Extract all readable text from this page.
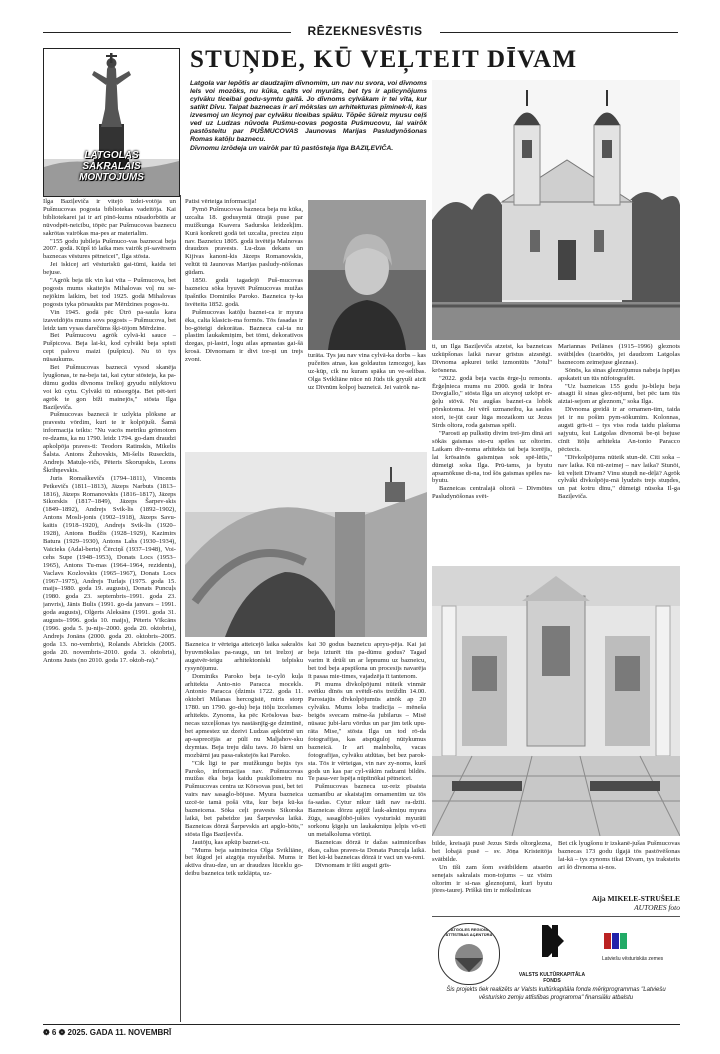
RĒZEKNESVĒSTIS
LATGOLAS
SAKRALAIS
MONTOJUMS
STUŅDE, KŪ VEĻTEIT DĪVAM
Latgola var lepōtīs ar daudzajim dīvnomim, un nav nu svora, voi dīvnoms lels voi mozōks, nu kūka, caļts voi myurāts, bet tys ir aplicynōjums cylvāku ticeibai godu-symtu gaitā. Jo dīvnoms cylvākam ir tei vīta, kur satikt Dīvu. Taipat baznecas ir arī mōkslas un arhitekturas pīminek-li, kas izvesmoj un licynoj par cylvāku ticeibas spāku. Tōpēc šūreiz myusu ceļš ved uz Ludzas nūvoda Pušmu-covas pogosta Pušmucovu, lai vairōk pastōsteitu par PUŠMUCOVAS Jaunovas Marijas Pasludynōšonas Romas katōļu baznecu.
Dīvnomu izrōdeja un vairōk par tū pastōsteja Ilga BAZIĻEVIČA.

Ilga Baziļevičа ir viteјō īzdei-votōja un Pušmucovas pogosta bibliotekas vadeitōja. Kai bibliotekarei jai ir arī pīnō-kums nūsadorbōtīs ar nūvodpēt-neicibu, tōpēc par Pušmucovas baznecu sakrōtas vairōkas ma-pes ar materialim.

"155 godu jubileja Pušmuco-vas baznecai beja 2007. godā. Kūpš tō laika mes vairōk pī-savērsem baznecas vēstures pētneicei", Ilga stōsta.

Jei īskicej arī vēsturiskū gai-tūmi, kaida tei beјuse.

"Agrōk beja tik vin kai vīta – Pušmucova, bet pogosts mums skaitejōs Mihalovas voļ nu se-nejōkim laikim, bet tod 1925. godā Mihalovas pogosts tyka pōrsaukts par Mērdzines pogos-tu.

Vin 1945. godā pēc Ūtrō pa-saulа kara izaveidōjōs mums sovs pogosts – Pušmucova, bet leidz tam vysas darečūms šķi-tōjom Mērdzine.

Bet Pušmucovu agrōk cylvā-ki sauce – Pušpicova. Beja lai-ki, kod cylvāki beja spisti cept palovu maizi (pušpicu). Nu tō tys nūsaukums.

Bet Pušmucovas baznecā vysod skanēja lyugšonas, te na-beja tai, kai cytur stōsteja, ka pa-dūmu godūs dīvnoms īrelkoj gryudu nūlyktovu voi kū cytu. Cylvāki tū nūsorgōja. Bet pēt-teri agrōk te gon bīži mainejōs," stōsta Ilga Baziļevičа.

Pušmucovas baznecā ir uzlykta plōksne ar pravestu vōrdim, kuri te ir kolpōjuši. Šamā informacija teikts: "Nu vacōs metriku grōmotom re-dzams, ka nu 1790. leidz 1794. go-dam draudzi apkolpōja praves-ti: Teodors Ratinskis, Mikelis Šalsta. Antons Žuhovskis, Mi-šelis Rusecktis, Andrejs Matuļe-vičs, Pēteris Skorupskis, Leons Škrihņevskis.

Juris Romaškevičs (1794–1811), Vincents Petkevičs (1811–1813), Jāzeps Narbuts (1813–1816), Jāzeps Romanovskis (1816–1817), Jāzeps Sikorskis (1817–1849), Jāzeps Šarpev-skis (1849–1892), Andrejs Svik-lis (1892–1902), Antons Mosli-jonis (1902–1918), Jāzeps Savu-kaitis (1918–1920), Andrejs Svik-lis (1920–1928), Antons Budžis (1928–1929), Kazimirs Batura (1929–1930), Antons Lahs (1930–1934), Vaicieks (Adal-berts) Čērciņš (1937–1948), Voi-cehs Supe (1948–1953), Donats Locs (1953–1965), Antons Tu-mas (1964–1964, rezidents), Vaclavs Kozlovskis (1965–1967), Donats Locs (1967–1975), Andrejs Turlajs (1975. goda 15. maijs–1980. goda 19. augusts), Donats Puncuļs (1980. goda 23. septembris–1991. goda 23. janvris), Jānis Bulis (1991. go-da janvars – 1991. goda augusts), Olģerts Aleksāns (1991. goda 31. augusts–1996. goda 10. maijs), Pēteris Vīkcāns (1996. goda 5. ju-nijs–2000. goda 20. oktobris), Andrejs Jonāns (2000. goda 20. oktobris–2005. goda 13. no-vembris), Rolands Abrickis (2005. goda 20. novembris–2010. goda 3. oktobris), Antons Justs (no 2010. goda 17. oktob-ra)."

Patisi vērteiga informacija!

Pymō Pušmucovas bazneca beja nu kūka, uzcalta 18. godusymtā ūtrajā puse par muižkunga Ksavera Sadurska leidzekļim. Kurā konkreti godā tei uzcalta, precizu ziņu nav. Bazneicu 1805. godā īsvētēja Malnovas draudzes pravests. Lu-dzas dekans un Kijivas kanoni-kis Jāzeps Romanovskis, veltūt tū Jaunovas Marijas pasludy-nōšonas gūdam.

1850. godā tagadejō Puš-mucovas bazneicu sōka byuvēt Pušmucovas muižas īpašnīks Dominiks Paroko. Bazneica ty-ka īsvētеita 1852. godā.

Pušmucovas katōļu baznei-ca ir myura ēka, caltа klasicis-ma formōs. Tōs fasadas ir bo-gōteigi dekorātas. Bazneca cal-ta nu plastim laukakmiņim, bet tōmi, dekoratīvos dzegas, pi-lastri, logu ailas apmastas gai-šā krosā. Dīvnomam ir divi tor-ņi un trejs zvoni.

turāta. Tys jau nav vina cylvā-ka dorbs – kas pučeites atnas, kas goldautus izmozgoj, kas uz-kūp, cik nu kuram spāka un ve-selibas. Olga Svikliāne nūce nū Jūds tik gryuši aizīt uz Dīvnūm kolpoj bazneicā. Jei vairōk na-

Bazneica ir vērteiga atteicejō laika sakralōs byuvmōkslas pa-raugs, un tei īrelzoj ar augstvēr-teigu arhitektoniski telpisku rysynōjumu.

Dominiks Paroko beja ie-cylō kuļa arhitekta Anto-nio Paracca mocekls. Antonio Paracca (dzimis 1722. goda 11. oktobrī Milanas hercogistē, miris storp 1780. un 1790. go-du) beja itōļu īzcelsmes arhitekts. Zynoms, ka pēc Krōslovas baz-necas uzceļšonas tys nastāsnjīg-ge dzimtinē, bet apmestez uz dzeivi Ludzas apkōrtnē un ap-saprecējās ar pūlī nu Maljahov-sku dzymtas. Beja treju dālu tavs. Jō bārni un mozbārni jau pasa-rakstejōs kai Paroko.

"Cik ligi te par muižkungu bejūs tys Paroko, informacijas nav. Pušmucovas muižas ēka beja kaidu puskilometru nu Pušmucovas centra uz Kōrsovas pusi, bet tei vairs nav sasaglo-bōjuse. Myura bazneica uzcē-te tamā pošā vīta, kur beja kū-ka bazneicena. Sōka ceļt pravests Sikorska laikā, bet pabeidze jau Šarpevskа laikā. Bazneicas dōrzā Šarpevskis ari apglo-bōts," stōsta Ilga Baziļevičа.

Jautōju, kas apkūp baznei-cu.

"Mums beja saiminеica Olga Svikliāne, bet šūgod jei aizgōja myužeibā. Mums ir aktīva drau-dze, un ar draudzes lūceklu go-deibu bazneica teik uzklāpta, uz-

kai 30 godus bazneicu apryu-pēja. Kai jai beja izturēt tūs pa-dūmu godus? Tagad varim īt drūši un ar lepnumu uz bazneicu, bet tod beja apspīšona un procesijs navarēja īt pasaa mie-times, vajadzēja īt tantenom.

Pi mums dīvkolpōjumi nūteik vinmār svētku dīnōs un svētdī-nōs treiždīn 14.00. Parostajūs dīvkolpōjumūs atnōk ap 20 cylvāku. Mums loba tradicija – mēneša beigōs svecam mēne-ša jubilarus – Misē nūsauc jubi-laru vōrdus un par jim teik upu-rāta Mise," stōsta Ilga un tod rō-da fotografijas, kas atspūguloj nūtykumus bazneicā. Ir ari malnbolta, vacas fotografijas, cylvāku atdūtas, bet bez parok-sta. Tōs ir vērteigas, vin nav zy-noms, kurš gods un kas par cyl-vākim radzami bildēs. Te pasa-ver īspēja nūpītnōkai pētneicei.

Pušmucovas bazneca uz-reiz pīsaista uzmanību ar skaistajim ornamentim uz tōs fa-sadas. Cytur nikur tādi nav ra-dzīti. Bazneicas dōrzu apjūž lauk-akmiņu myura žūgs, sasaglōbō-jušies vysturiski myurāti sorkonu ķīgeļu un laukakmiņu ļelpis vō-rti un metalkoluma vōrtiņi.

Bazneicas dōrzā ir dažas saimnicеibas ēkas, caltas praves-ta Donata Puncuļa laikā. Bet kū-ki bazneicas dōrzā ir vaci un va-reni.

Dīvnomam ir īšti augsti grīs-

ti, un Ilga Baziļevičа atzeist, ka bazneicas uzkūpšonas laikā navar grīstus aizsnēgt. Dīvnoma apkurei teikt izmontūts "Jotul" krōsnena.

"2022. godā beja vacūs ērge-ļu remonts. Ērģeļnieca mums nu 2000. godā ir Inōra Dovgiallo," stōsta Ilga un aicynoj uzkōpt er-ģeļu stōvā. Nu augšas baznei-ca lobōk pōrskotoma. Jei vērš uzmaneibu, ka saules stori, ie-jūt caur lūga mozaikom uz Jezus Sirds oltora, roda gaismas spēli.

"Parosti ap pulkstiņ divim trei-jim dinā ari sōkās gaismas sto-ru spēles uz oltorim. Laikam dīv-noma arhitekts tai beja īcerējis, lai krōsainōs gaismiņas sok spē-lētīs," dūmeigi soka Ilga. Prū-tams, ja byutu apsamōkuse di-na, tod šōs gaismas spēles na-byutu.

Bazneicas centralajā oltorā – Dīvmōtes Pasludynōšonas svēt-

Mariannas Peilānes (1915–1996) gleznots svātbiļdes (izarōdōs, jei daudzom Latgolas baznecom zeimejuse gleznas).

Sōnōs, ka sinas gleznōjumus nabeja īspējas apskateit un tūs nūfotografēt.

"Uz bazneicas 155 godu ju-bileju beja atsagti ši sinas glez-nōjumi, bet pēc tam tūs aiztai-sejom ar gleznom," soka Ilga.

Dīvnoma greidā ir ar ornamen-tim, taida jei ir nu pošim pym-sōkumim. Kolonnas, augsti grīs-ti – tys viss roda taidu plašuma sajyutu, kui Latgolas dīvnomā be-ņi bejuse cīnīt ītōļu arhitekta An-tonio Paracco pēctecis.

"Dīvkolpōjums nūteik stun-dē. Cīti soka – nav laika. Kū nū-zeimej – nav laika? Stunōi, kū veļteit Dīvam? Vinu stuņdi ne-dēļā? Agrōk cylvāki dīvkolpōju-mā lyudzēs trejs stuņdes, un pat kotru dīnu," dūmeigi nūsoka Il-ga Baziļevičа.

bilde, kreisajā pusē Jezus Sirds oltorglezna, bet lobajā pusē – sv. Jōņa Kristeitōja svātbilde.

Un tīši zam šom svātbildem atsarōn senejais sakralais mon-tojums – uz vīsim oltorim ir si-nas gleznojumi, kurī byutu jōres-taurej. Prīškā tim ir mōkslinīcas

Bet cik lyugšonu ir izskanē-jušas Pušmucovas baznecas 173 godu ilgajā tōs pastōvēšonas lai-kā – tys zynoms tikai Dīvam, tys traksteits ari šō dīvnoma si-nos.

Aija MIKELE-STRUŠELE
AUTORES foto
LATGOLES REGIONA ATTĪSTĪBAS AĢENTŪRA
VALSTS KULTŪRKAPITĀLA FONDS
Latviešu vēsturiskās zemes
Šis projekts tiek realizēts ar Valsts kultūrkapitāla fonda mērķprogrammas "Latviešu vēsturisko zemju attīstības programma" finansiālu atbalstu
❁ 6 ❁ 2025. GADA 11. NOVEMBRĪ
